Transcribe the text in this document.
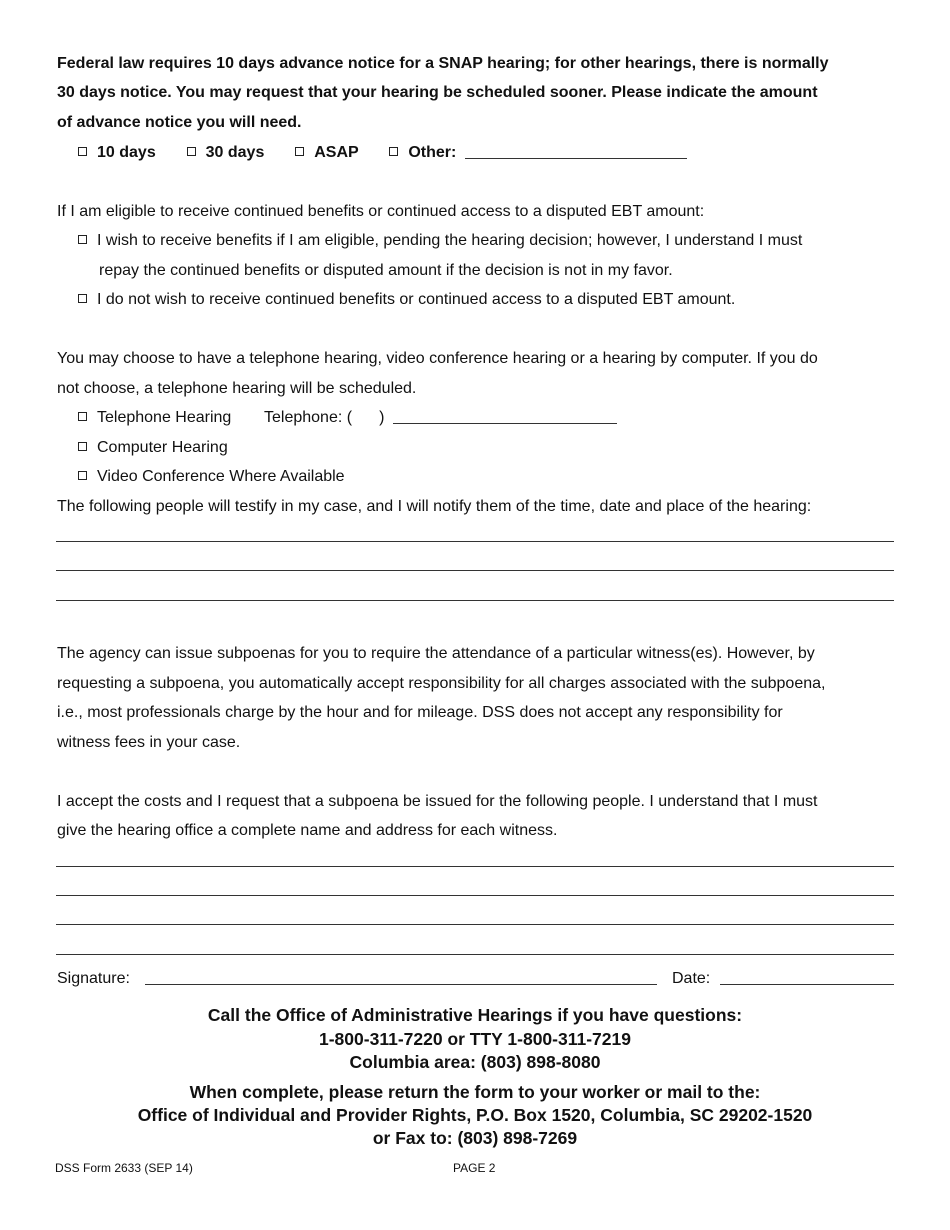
Federal law requires 10 days advance notice for a SNAP hearing; for other hearings, there is normally
30 days notice. You may request that your hearing be scheduled sooner. Please indicate the amount
of advance notice you will need.
10 days	30 days	ASAP	Other:
If I am eligible to receive continued benefits or continued access to a disputed EBT amount:
I wish to receive benefits if I am eligible, pending the hearing decision; however, I understand I must
repay the continued benefits or disputed amount if the decision is not in my favor.
I do not wish to receive continued benefits or continued access to a disputed EBT amount.
You may choose to have a telephone hearing, video conference hearing or a hearing by computer. If you do
not choose, a telephone hearing will be scheduled.
Telephone Hearing Telephone: ( )
Computer Hearing
Video Conference Where Available
The following people will testify in my case, and I will notify them of the time, date and place of the hearing:
The agency can issue subpoenas for you to require the attendance of a particular witness(es). However, by
requesting a subpoena, you automatically accept responsibility for all charges associated with the subpoena,
i.e., most professionals charge by the hour and for mileage. DSS does not accept any responsibility for
witness fees in your case.
I accept the costs and I request that a subpoena be issued for the following people. I understand that I must
give the hearing office a complete name and address for each witness.
Signature:	Date:
Call the Office of Administrative Hearings if you have questions:
1-800-311-7220 or TTY 1-800-311-7219
Columbia area: (803) 898-8080
When complete, please return the form to your worker or mail to the:
Office of Individual and Provider Rights, P.O. Box 1520, Columbia, SC 29202-1520
or Fax to: (803) 898-7269
DSS Form 2633 (SEP 14)	PAGE 2
